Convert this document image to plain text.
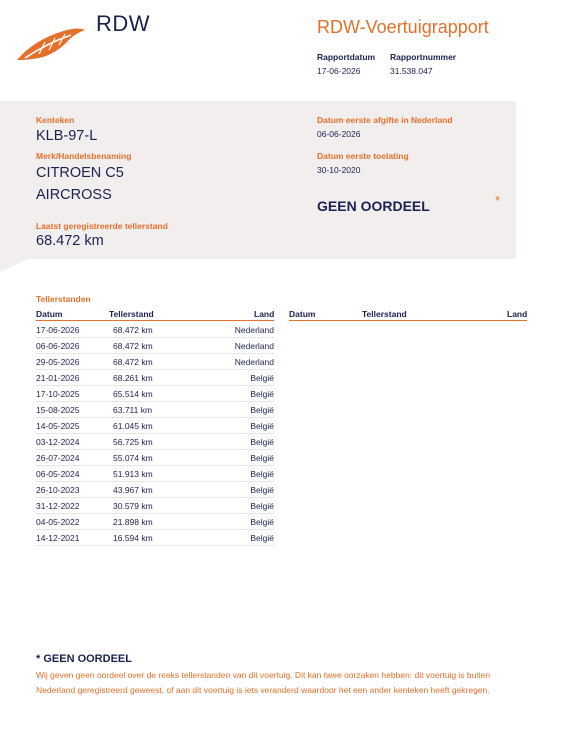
RDW	RDW-Voertuigrapport
Rapportdatum
17-06-2026
Rapportnummer
31.538.047
Kenteken
KLB-97-L
Merk/Handelsbenaming
CITROEN C5
AIRCROSS
Laatst geregistreerde tellerstand
68.472 km
Datum eerste afgifte in Nederland
06-06-2026
Datum eerste toelating
30-10-2020
GEEN OORDEEL	*
Tellerstanden
Datum	Tellerstand	Land Datum	Tellerstand	Land
17-06-2026	68.472 km	Nederland
06-06-2026	68.472 km	Nederland
29-05-2026	68.472 km	Nederland
21-01-2026	68.261 km	België
17-10-2025	65.514 km	België
15-08-2025	63.711 km	België
14-05-2025	61.045 km	België
03-12-2024	56.725 km	België
26-07-2024	55.074 km	België
06-05-2024	51.913 km	België
26-10-2023	43.967 km	België
31-12-2022	30.579 km	België
04-05-2022	21.898 km	België
14-12-2021	16.594 km	België
* GEEN OORDEEL
Wij geven geen oordeel over de reeks tellerstanden van dit voertuig. Dit kan twee oorzaken hebben: dit voertuig is buiten Nederland geregistreerd geweest, of aan dit voertuig is iets veranderd waardoor het een ander kenteken heeft gekregen.
